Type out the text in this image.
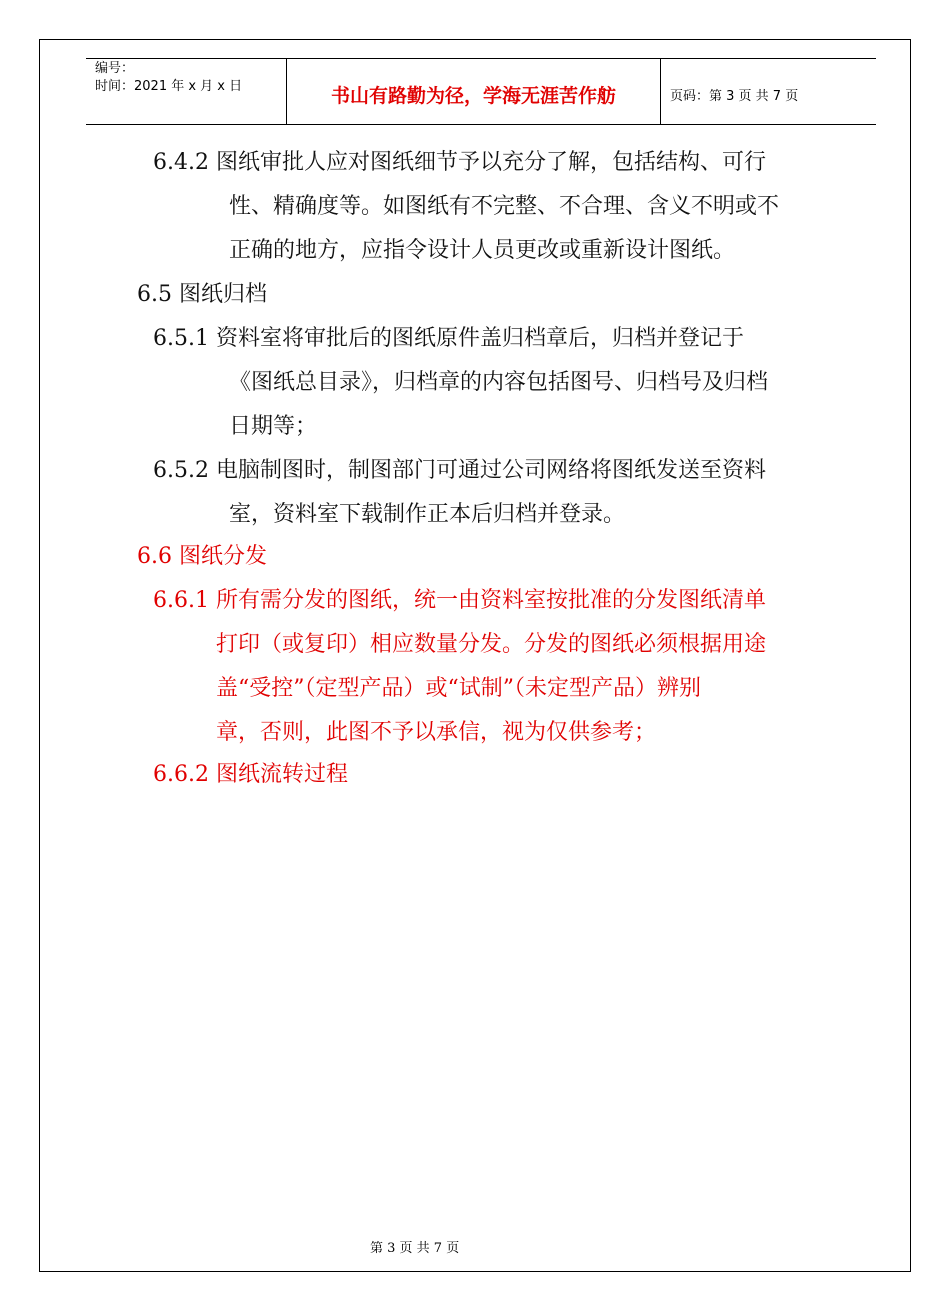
编号：
时间：2021 年 x 月 x 日	书山有路勤为径，学海无涯苦作舫	页码：第 3 页 共 7 页
6.4.2 图纸审批人应对图纸细节予以充分了解，包括结构、可行
性、精确度等。如图纸有不完整、不合理、含义不明或不
正确的地方，应指令设计人员更改或重新设计图纸。
6.5 图纸归档
6.5.1 资料室将审批后的图纸原件盖归档章后，归档并登记于
《图纸总目录》，归档章的内容包括图号、归档号及归档
日期等；
6.5.2 电脑制图时，制图部门可通过公司网络将图纸发送至资料
室，资料室下载制作正本后归档并登录。
6.6 图纸分发
6.6.1 所有需分发的图纸，统一由资料室按批准的分发图纸清单
打印（或复印）相应数量分发。分发的图纸必须根据用途
盖“受控”（定型产品）或“试制”（未定型产品）辨别
章，否则，此图不予以承信，视为仅供参考；
6.6.2 图纸流转过程
第 3 页 共 7 页
